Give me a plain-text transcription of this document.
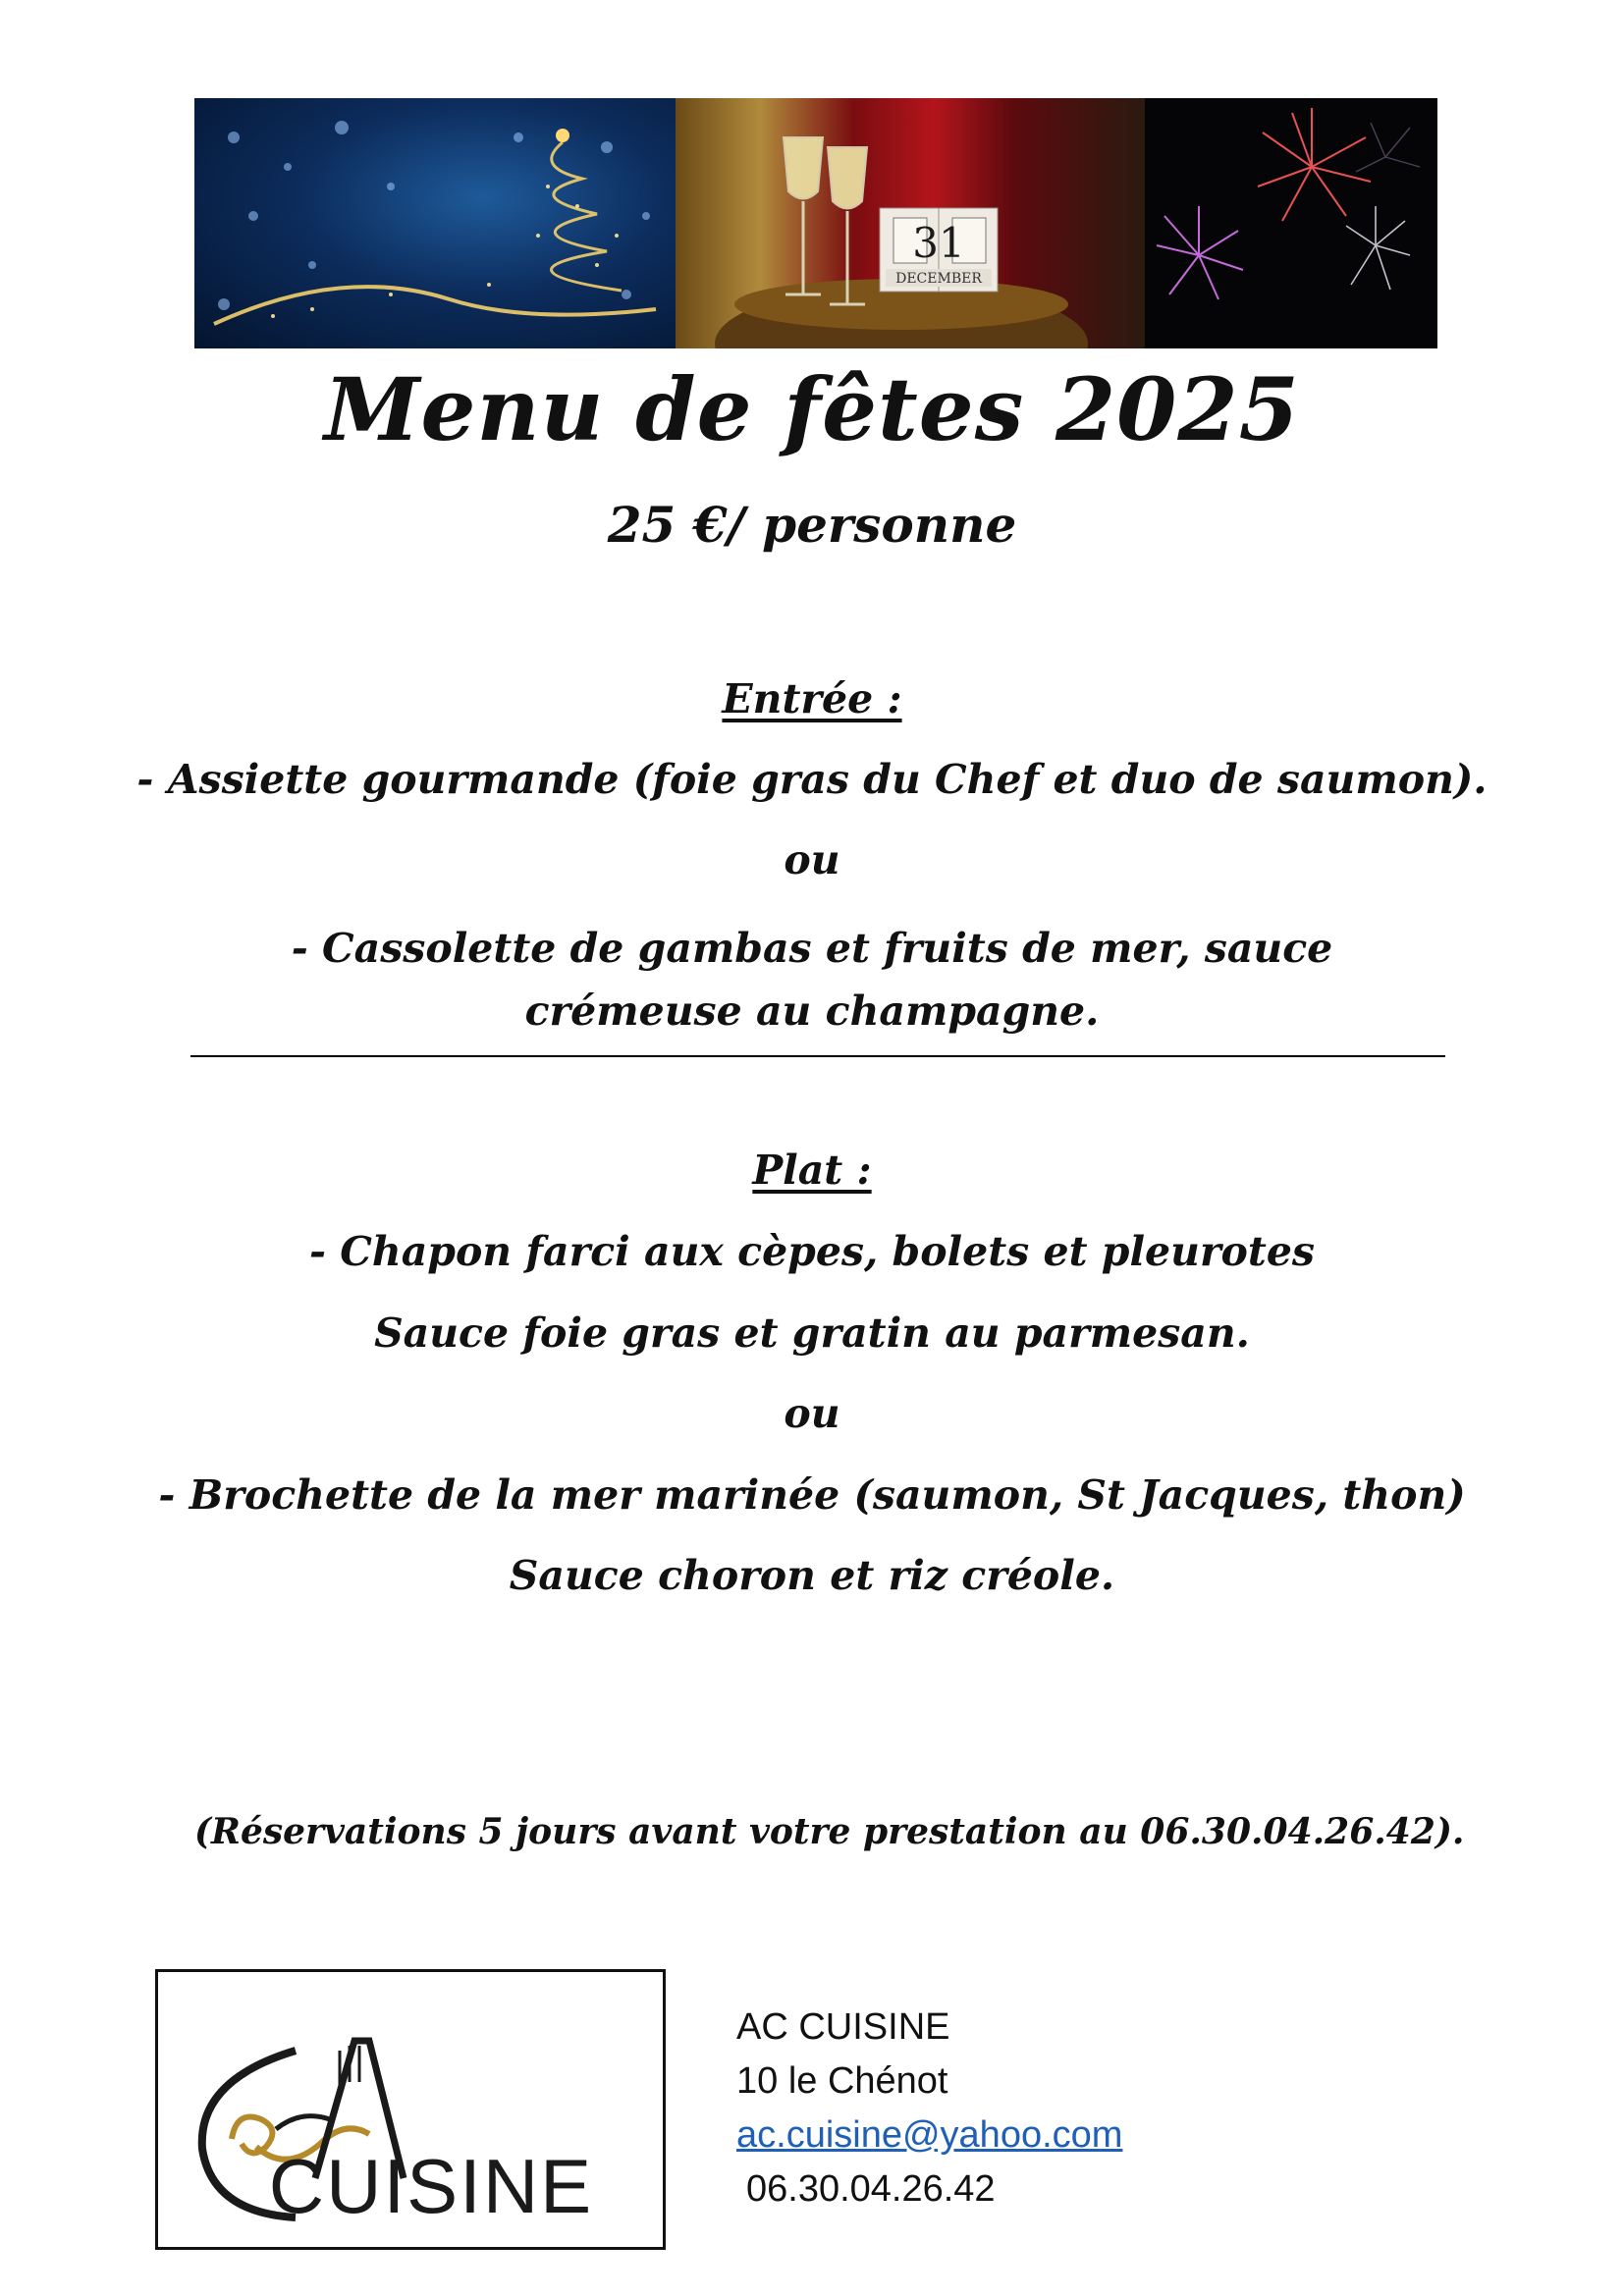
31
DECEMBER
Menu de fêtes 2025
25 €/ personne
Entrée :
- Assiette gourmande (foie gras du Chef et duo de saumon).
ou
- Cassolette de gambas et fruits de mer, sauce crémeuse au champagne.
Plat :
- Chapon farci aux cèpes, bolets et pleurotes
Sauce foie gras et gratin au parmesan.
ou
- Brochette de la mer marinée (saumon, St Jacques, thon)
Sauce choron et riz créole.
(Réservations 5 jours avant votre prestation au 06.30.04.26.42).
CUISINE
AC CUISINE
10 le Chénot
ac.cuisine@yahoo.com
06.30.04.26.42
